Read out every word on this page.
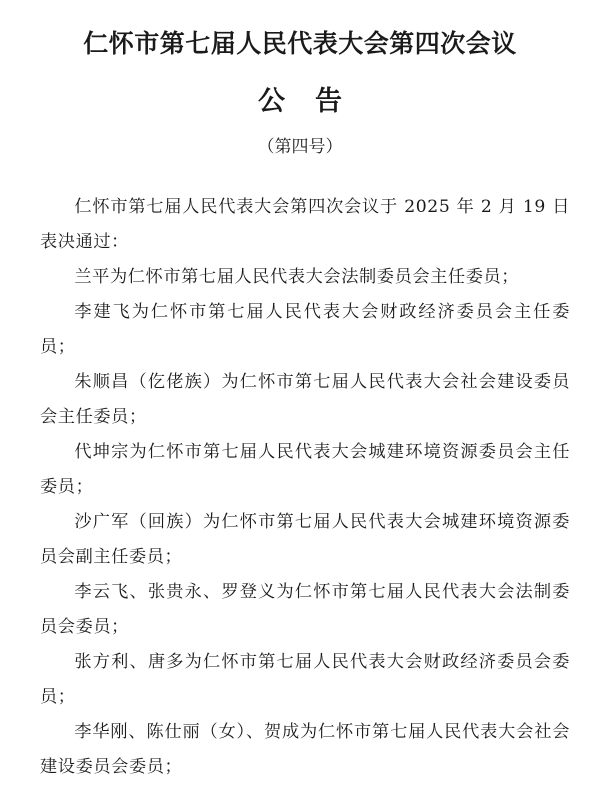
仁怀市第七届人民代表大会第四次会议
公告

（第四号）

仁怀市第七届人民代表大会第四次会议于 2025 年 2 月 19 日表决通过：

兰平为仁怀市第七届人民代表大会法制委员会主任委员；

李建飞为仁怀市第七届人民代表大会财政经济委员会主任委员；

朱顺昌（仡佬族）为仁怀市第七届人民代表大会社会建设委员会主任委员；

代坤宗为仁怀市第七届人民代表大会城建环境资源委员会主任委员；

沙广军（回族）为仁怀市第七届人民代表大会城建环境资源委员会副主任委员；

李云飞、张贵永、罗登义为仁怀市第七届人民代表大会法制委员会委员；

张方利、唐多为仁怀市第七届人民代表大会财政经济委员会委员；

李华刚、陈仕丽（女）、贺成为仁怀市第七届人民代表大会社会建设委员会委员；
